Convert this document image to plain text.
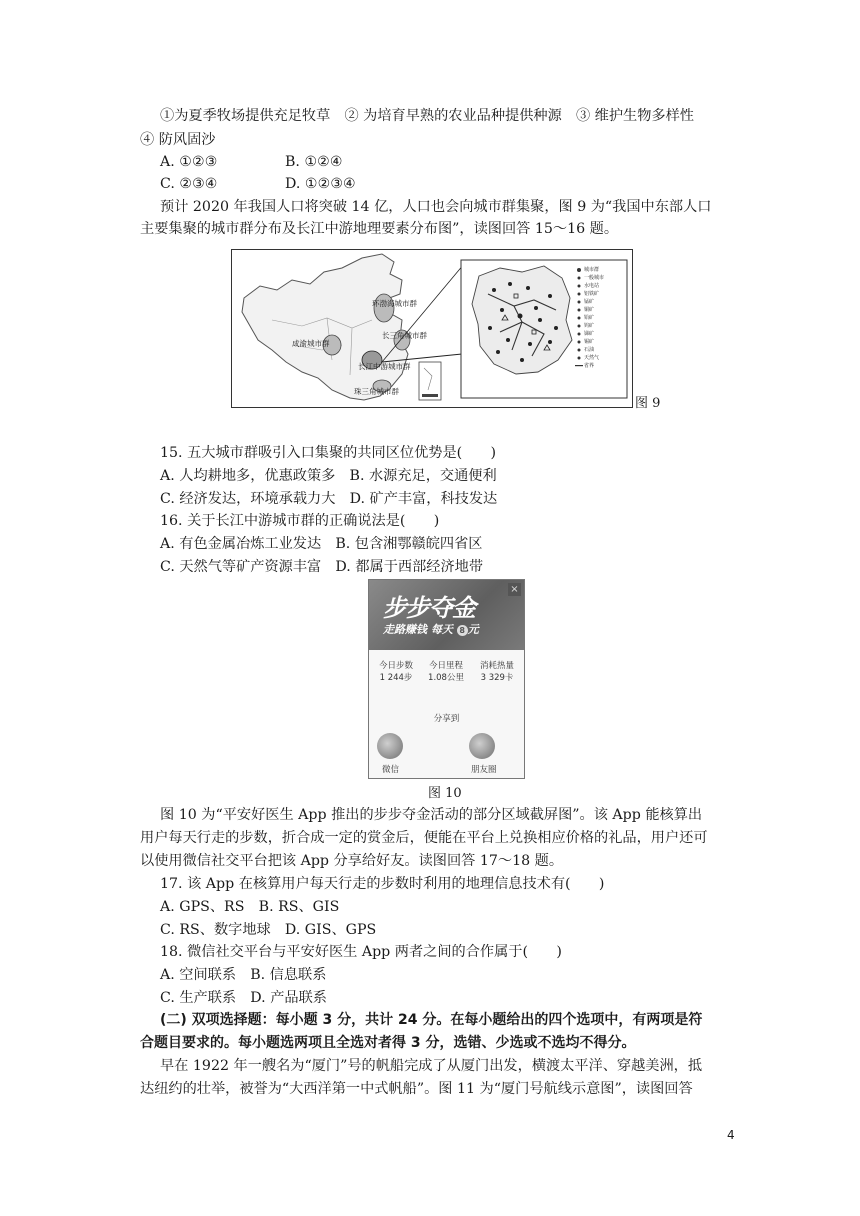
①为夏季牧场提供充足牧草　② 为培育早熟的农业品种提供种源　③ 维护生物多样性
④ 防风固沙
A. ①②③	B. ①②④
C. ②③④	D. ①②③④
预计 2020 年我国人口将突破 14 亿，人口也会向城市群集聚，图 9 为“我国中东部人口
主要集聚的城市群分布及长江中游地理要素分布图”，读图回答 15～16 题。
环渤海城市群
长三角城市群
成渝城市群
长江中游城市群
珠三角城市群
城市群
一般城市
水电站
铝铁矿
锰矿
铜矿
铅矿
钨矿
锑矿
锡矿
石油
天然气
省界
图 9
15. 五大城市群吸引入口集聚的共同区位优势是(　　)
A. 人均耕地多，优惠政策多　B. 水源充足，交通便利
C. 经济发达，环境承载力大　D. 矿产丰富，科技发达
16. 关于长江中游城市群的正确说法是(　　)
A. 有色金属冶炼工业发达　B. 包含湘鄂赣皖四省区
C. 天然气等矿产资源丰富　D. 都属于西部经济地带
步步夺金
走路赚钱 每天 8 元
×
今日步数
1 244步
今日里程
1.08公里
消耗热量
3 329卡
分享到
微信	朋友圈
图 10
图 10 为“平安好医生 App 推出的步步夺金活动的部分区域截屏图”。该 App 能核算出
用户每天行走的步数，折合成一定的赏金后，便能在平台上兑换相应价格的礼品，用户还可
以使用微信社交平台把该 App 分享给好友。读图回答 17～18 题。
17. 该 App 在核算用户每天行走的步数时利用的地理信息技术有(　　)
A. GPS、RS　B. RS、GIS
C. RS、数字地球　D. GIS、GPS
18. 微信社交平台与平安好医生 App 两者之间的合作属于(　　)
A. 空间联系　B. 信息联系
C. 生产联系　D. 产品联系
(二) 双项选择题：每小题 3 分，共计 24 分。在每小题给出的四个选项中，有两项是符
合题目要求的。每小题选两项且全选对者得 3 分，选错、少选或不选均不得分。
早在 1922 年一艘名为“厦门”号的帆船完成了从厦门出发，横渡太平洋、穿越美洲，抵
达纽约的壮举，被誉为“大西洋第一中式帆船”。图 11 为“厦门号航线示意图”，读图回答
4
